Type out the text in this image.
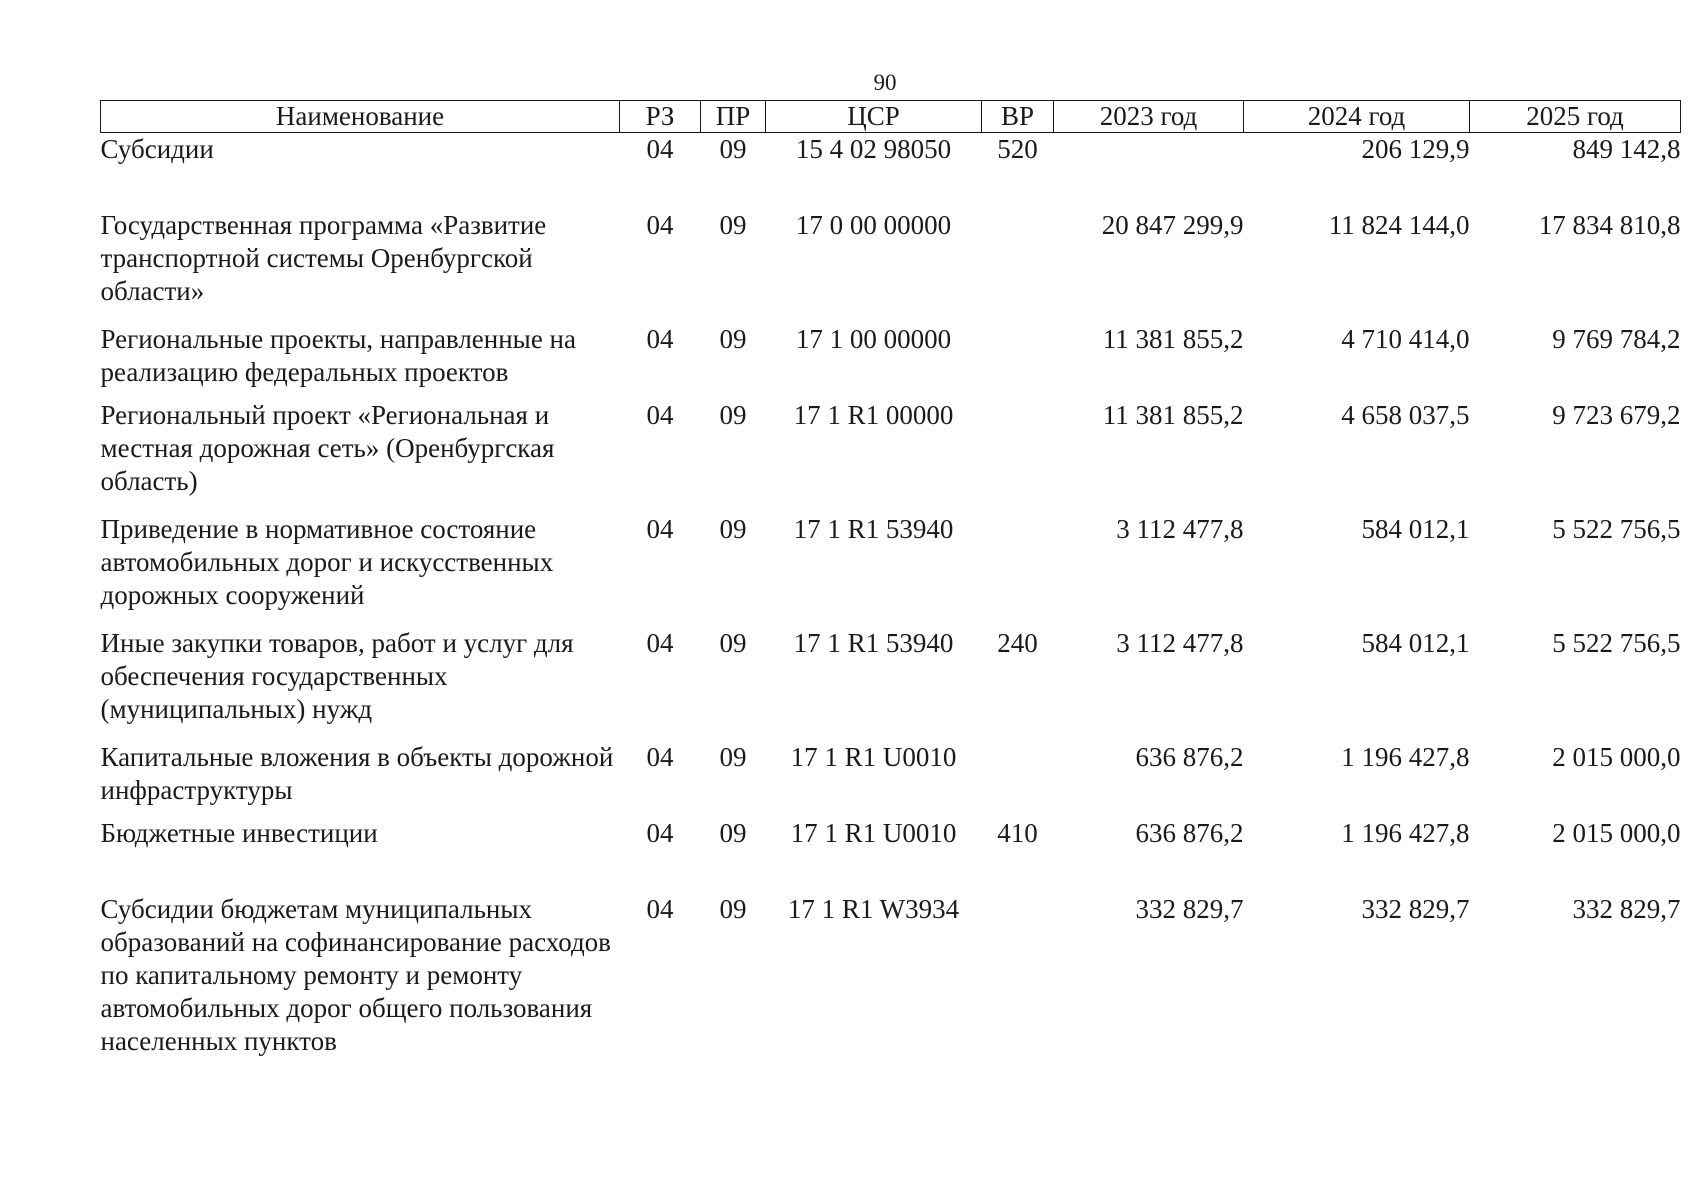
90
Наименование	РЗ	ПР	ЦСР	ВР	2023 год	2024 год	2025 год
Субсидии	04	09	15 4 02 98050	520		206 129,9	849 142,8
Государственная программа «Развитие транспортной системы Оренбургской области»	04	09	17 0 00 00000		20 847 299,9	11 824 144,0	17 834 810,8
Региональные проекты, направленные на реализацию федеральных проектов	04	09	17 1 00 00000		11 381 855,2	4 710 414,0	9 769 784,2
Региональный проект «Региональная и местная дорожная сеть» (Оренбургская область)	04	09	17 1 R1 00000		11 381 855,2	4 658 037,5	9 723 679,2
Приведение в нормативное состояние автомобильных дорог и искусственных дорожных сооружений	04	09	17 1 R1 53940		3 112 477,8	584 012,1	5 522 756,5
Иные закупки товаров, работ и услуг для обеспечения государственных (муниципальных) нужд	04	09	17 1 R1 53940	240	3 112 477,8	584 012,1	5 522 756,5
Капитальные вложения в объекты дорожной инфраструктуры	04	09	17 1 R1 U0010		636 876,2	1 196 427,8	2 015 000,0
Бюджетные инвестиции	04	09	17 1 R1 U0010	410	636 876,2	1 196 427,8	2 015 000,0
Субсидии бюджетам муниципальных образований на софинансирование расходов по капитальному ремонту и ремонту автомобильных дорог общего пользования населенных пунктов	04	09	17 1 R1 W3934		332 829,7	332 829,7	332 829,7
